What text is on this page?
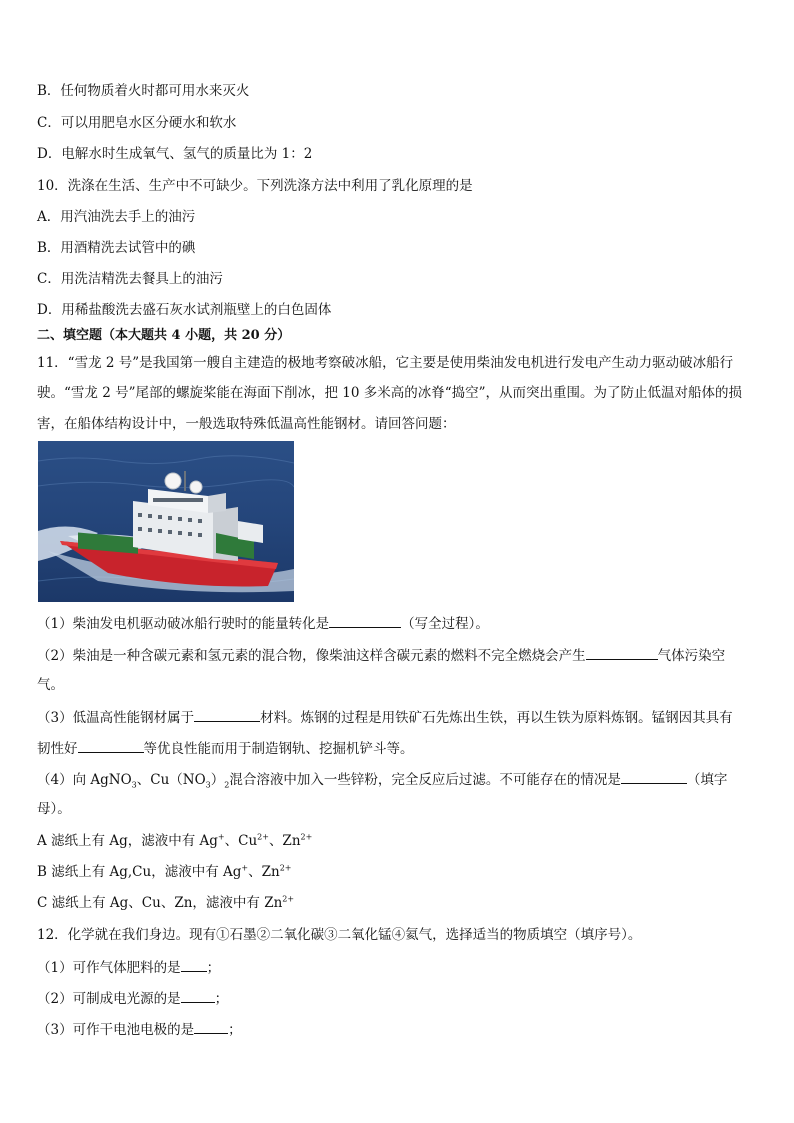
B．任何物质着火时都可用水来灭火
C．可以用肥皂水区分硬水和软水
D．电解水时生成氧气、氢气的质量比为 1：2
10．洗涤在生活、生产中不可缺少。下列洗涤方法中利用了乳化原理的是
A．用汽油洗去手上的油污
B．用酒精洗去试管中的碘
C．用洗洁精洗去餐具上的油污
D．用稀盐酸洗去盛石灰水试剂瓶壁上的白色固体
二、填空题（本大题共 4 小题，共 20 分）
11．“雪龙 2 号”是我国第一艘自主建造的极地考察破冰船，它主要是使用柴油发电机进行发电产生动力驱动破冰船行
驶。“雪龙 2 号”尾部的螺旋桨能在海面下削冰，把 10 多米高的冰脊“捣空”，从而突出重围。为了防止低温对船体的损
害，在船体结构设计中，一般选取特殊低温高性能钢材。请回答问题：
（1）柴油发电机驱动破冰船行驶时的能量转化是	（写全过程）。
（2）柴油是一种含碳元素和氢元素的混合物，像柴油这样含碳元素的燃料不完全燃烧会产生	气体污染空
气。
（3）低温高性能钢材属于	材料。炼钢的过程是用铁矿石先炼出生铁，再以生铁为原料炼钢。锰钢因其具有
韧性好	等优良性能而用于制造钢轨、挖掘机铲斗等。
（4）向 AgNO$_3$、$Cu(NO_3)_2$混合溶液中加入一些锌粉，完全反应后过滤。不可能存在的情况是	（填字
母）。
A 滤纸上有 Ag，滤液中有 Ag+、$Cu^{2+}$、$Zn^{2+}$
B 滤纸上有 Ag,Cu，滤液中有 Ag+、$Zn^{2+}$
C 滤纸上有 Ag、Cu、Zn，滤液中有 $Zn^{2+}$
12．化学就在我们身边。现有①石墨②二氧化碳③二氧化锰④氦气，选择适当的物质填空（填序号）。
（1）可作气体肥料的是 ；
（2）可制成电光源的是	；
（3）可作干电池电极的是	；
